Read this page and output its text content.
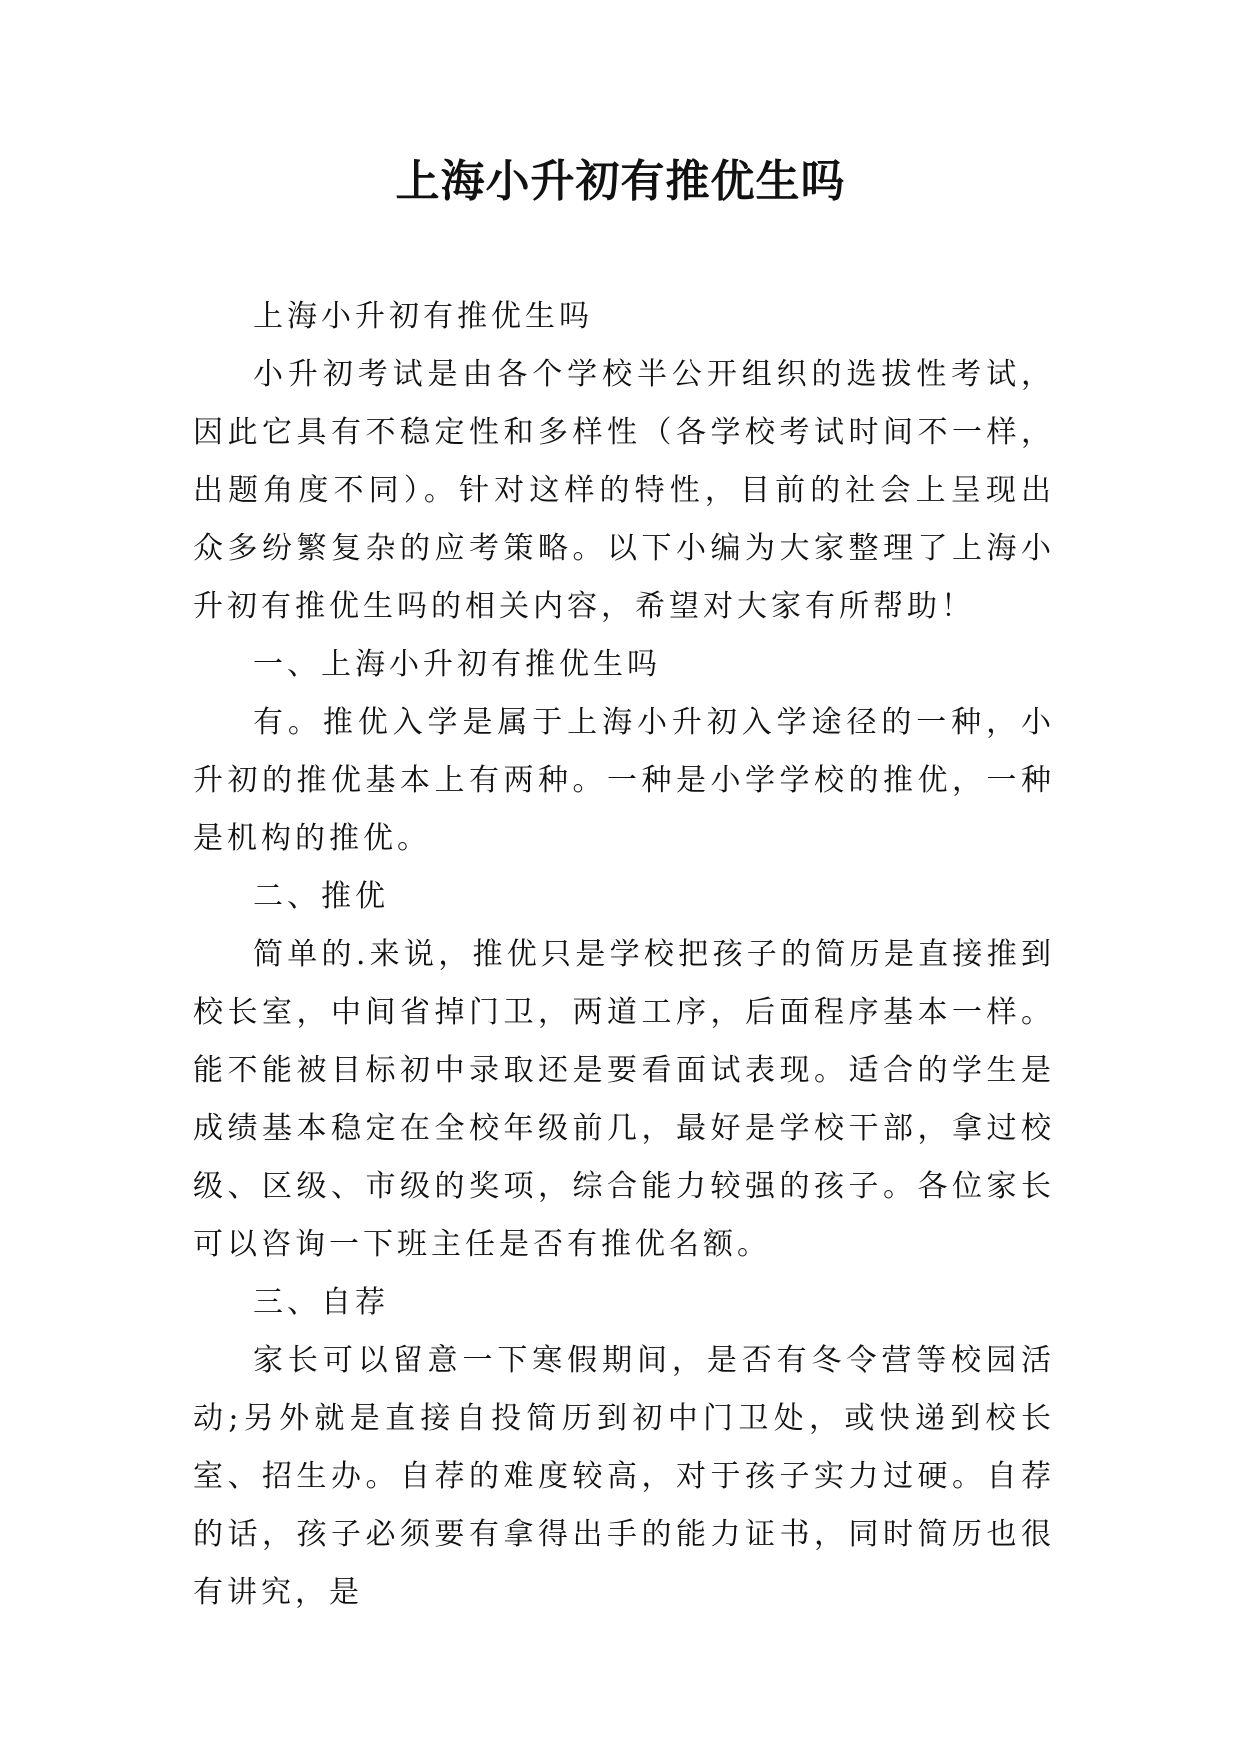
上海小升初有推优生吗

上海小升初有推优生吗

小升初考试是由各个学校半公开组织的选拔性考试，因此它具有不稳定性和多样性（各学校考试时间不一样，出题角度不同）。针对这样的特性，目前的社会上呈现出众多纷繁复杂的应考策略。以下小编为大家整理了上海小升初有推优生吗的相关内容，希望对大家有所帮助！

一、上海小升初有推优生吗

有。推优入学是属于上海小升初入学途径的一种，小升初的推优基本上有两种。一种是小学学校的推优，一种是机构的推优。

二、推优

简单的.来说，推优只是学校把孩子的简历是直接推到校长室，中间省掉门卫，两道工序，后面程序基本一样。能不能被目标初中录取还是要看面试表现。适合的学生是成绩基本稳定在全校年级前几，最好是学校干部，拿过校级、区级、市级的奖项，综合能力较强的孩子。各位家长可以咨询一下班主任是否有推优名额。

三、自荐

家长可以留意一下寒假期间，是否有冬令营等校园活动;另外就是直接自投简历到初中门卫处，或快递到校长室、招生办。自荐的难度较高，对于孩子实力过硬。自荐的话，孩子必须要有拿得出手的能力证书，同时简历也很有讲究，是
